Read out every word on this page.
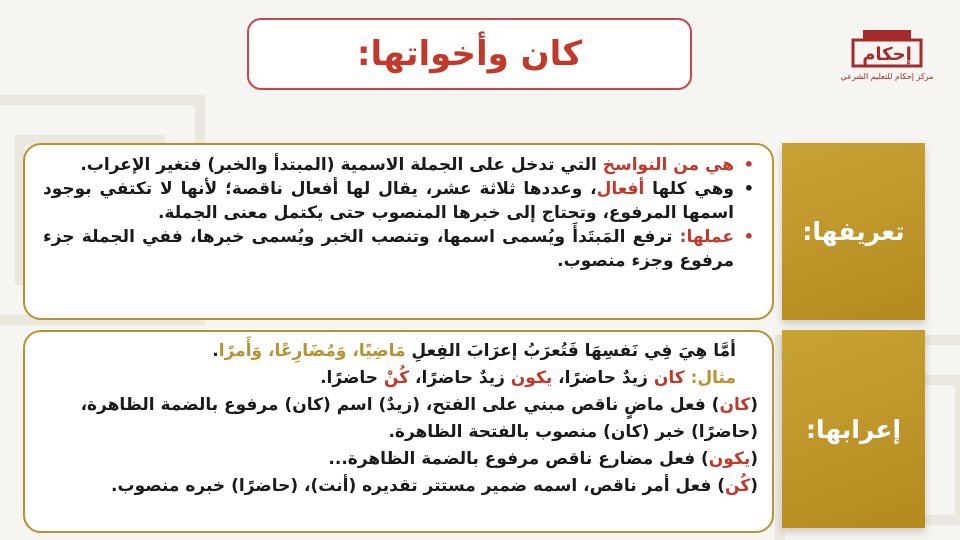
كان وأخواتها:	إحكام
مركز إحكام للتعليم الشرعي
•
هي من النواسخ التي تدخل على الجملة الاسمية (المبتدأ والخبر) فتغير الإعراب.
•
وهي كلها أفعال، وعددها ثلاثة عشر، يقال لها أفعال ناقصة؛ لأنها لا تكتفي بوجود اسمها المرفوع، وتحتاج إلى خبرها المنصوب حتى يكتمل معنى الجملة.
•
عملها: ترفع المَبتَدأَ ويُسمى اسمها، وتنصب الخبر ويُسمى خبرها، ففي الجملة جزء مرفوع وجزء منصوب.
تعريفها:

أمَّا هِيَ فِي نَفسِهَا فَتُعرَبُ إعرَابَ الفِعلِ مَاضِيًا، وَمُضَارِعًا، وَأَمرًا.

مثال: كان زيدٌ حاضرًا، يكون زيدٌ حاضرًا، كُنْ حاضرًا.

(كان) فعل ماضٍ ناقص مبني على الفتح، (زيدٌ) اسم (كان) مرفوع بالضمة الظاهرة، (حاضرًا) خبر (كان) منصوب بالفتحة الظاهرة.

(يكون) فعل مضارع ناقص مرفوع بالضمة الظاهرة...

(كُن) فعل أمر ناقص، اسمه ضمير مستتر تقديره (أنت)، (حاضرًا) خبره منصوب.

إعرابها:
